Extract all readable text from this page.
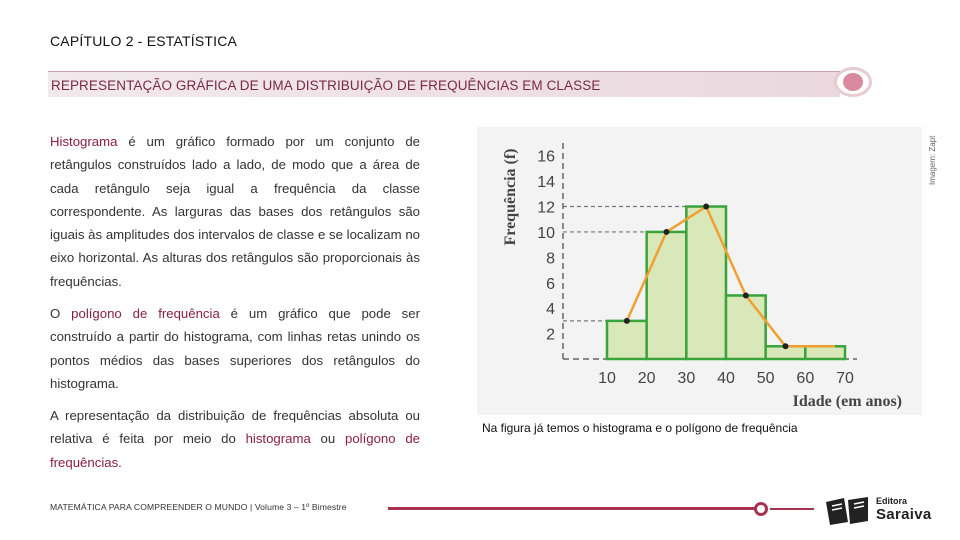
CAPÍTULO 2 - ESTATÍSTICA
REPRESENTAÇÃO GRÁFICA DE UMA DISTRIBUIÇÃO DE FREQUÊNCIAS EM CLASSE
Imagem: Zapt
Histograma é um gráfico formado por um conjunto de retângulos construídos lado a lado, de modo que a área de cada retângulo seja igual a frequência da classe correspondente. As larguras das bases dos retângulos são iguais às amplitudes dos intervalos de classe e se localizam no eixo horizontal. As alturas dos retângulos são proporcionais às frequências.
O polígono de frequência é um gráfico que pode ser construído a partir do histograma, com linhas retas unindo os pontos médios das bases superiores dos retângulos do histograma.
A representação da distribuição de frequências absoluta ou relativa é feita por meio do histograma ou polígono de frequências.
2
4
6
8
10
12
14
16
10 20 30 40 50 60 70
Idade (em anos)
Frequência (f)
Na figura já temos o histograma e o polígono de frequência
MATEMÁTICA PARA COMPREENDER O MUNDO | Volume 3 – 1º Bimestre
Editora
Saraiva
